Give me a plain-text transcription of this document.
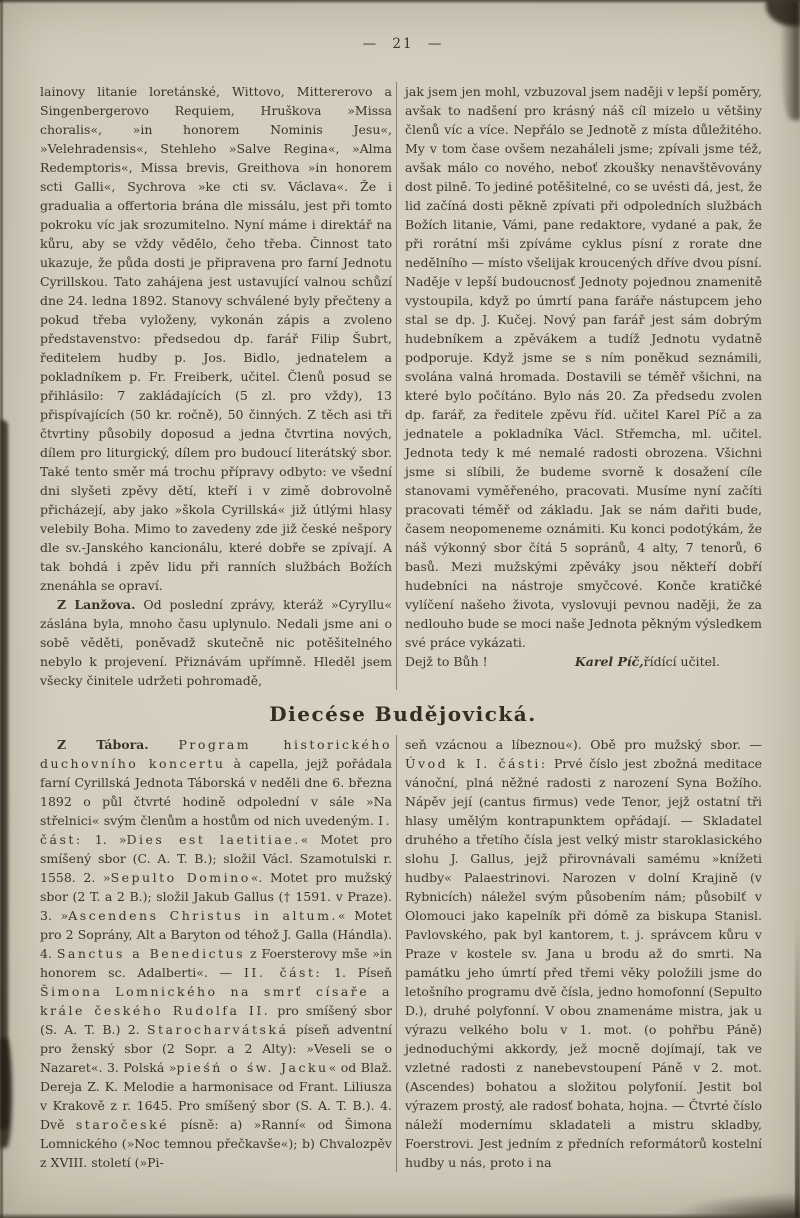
— 21 —

lainovy litanie loretánské, Wittovo, Mittererovo a Singenbergerovo Requiem, Hruškova »Missa choralis«, »in honorem Nominis Jesu«, »Velehradensis«, Stehleho »Salve Regina«, »Alma Redemptoris«, Missa brevis, Greithova »in honorem scti Galli«, Sychrova »ke cti sv. Václava«. Že i gradualia a offertoria brána dle missálu, jest při tomto pokroku víc jak srozumitelno. Nyní máme i direktář na kůru, aby se vždy vědělo, čeho třeba. Činnost tato ukazuje, že půda dosti je připravena pro farní Jednotu Cyrillskou. Tato zahájena jest ustavující valnou schůzí dne 24. ledna 1892. Stanovy schválené byly přečteny a pokud třeba vyloženy, vykonán zápis a zvoleno představenstvo: předsedou dp. farář Filip Šubrt, ředitelem hudby p. Jos. Bidlo, jednatelem a pokladníkem p. Fr. Freiberk, učitel. Členů posud se přihlásilo: 7 zakládajících (5 zl. pro vždy), 13 přispívajících (50 kr. ročně), 50 činných. Z těch asi tři čtvrtiny působily doposud a jedna čtvrtina nových, dílem pro liturgický, dílem pro budoucí literátský sbor. Také tento směr má trochu přípravy odbyto: ve všední dni slyšeti zpěvy dětí, kteří i v zimě dobrovolně přicházejí, aby jako »škola Cyrillská« již útlými hlasy velebily Boha. Mimo to zavedeny zde již české nešpory dle sv.-Janského kancionálu, které dobře se zpívají. A tak bohdá i zpěv lidu při ranních službách Božích znenáhla se opraví.

Z Lanžova. Od poslední zprávy, kteráž »Cyryllu« záslána byla, mnoho času uplynulo. Nedali jsme ani o sobě věděti, poněvadž skutečně nic potěšitelného nebylo k projevení. Přiznávám upřímně. Hleděl jsem všecky činitele udržeti pohromadě,

jak jsem jen mohl, vzbuzoval jsem naději v lepší poměry, avšak to nadšení pro krásný náš cíl mizelo u většiny členů víc a více. Nepřálo se Jednotě z místa důležitého. My v tom čase ovšem nezaháleli jsme; zpívali jsme též, avšak málo co nového, neboť zkoušky nenavštěvovány dost pilně. To jediné potěšitelné, co se uvésti dá, jest, že lid začíná dosti pěkně zpívati při odpoledních službách Božích litanie, Vámi, pane redaktore, vydané a pak, že při rorátní mši zpíváme cyklus písní z rorate dne nedělního — místo všelijak kroucených dříve dvou písní. Naděje v lepší budoucnosť Jednoty pojednou znamenitě vystoupila, když po úmrtí pana faráře nástupcem jeho stal se dp. J. Kučej. Nový pan farář jest sám dobrým hudebníkem a zpěvákem a tudíž Jednotu vydatně podporuje. Když jsme se s ním poněkud seznámili, svolána valná hromada. Dostavili se téměř všichni, na které bylo počítáno. Bylo nás 20. Za předsedu zvolen dp. farář, za ředitele zpěvu říd. učitel Karel Píč a za jednatele a pokladníka Václ. Střemcha, ml. učitel. Jednota tedy k mé nemalé radosti obrozena. Všichni jsme si slíbili, že budeme svorně k dosažení cíle stanovami vyměřeného, pracovati. Musíme nyní začíti pracovati téměř od základu. Jak se nám dařiti bude, časem neopomeneme oznámiti. Ku konci podotýkám, že náš výkonný sbor čítá 5 sopránů, 4 alty, 7 tenorů, 6 basů. Mezi mužskými zpěváky jsou někteří dobří hudebníci na nástroje smyčcové. Konče kratičké vylíčení našeho života, vyslovuji pevnou naději, že za nedlouho bude se moci naše Jednota pěkným výsledkem své práce vykázati.

Dejž to Bůh !	Karel Píč, řídící učitel.

Diecése Budějovická.

Z Tábora. Program historického duchovního koncertu à capella, jejž pořádala farní Cyrillská Jednota Táborská v neděli dne 6. března 1892 o půl čtvrté hodině odpolední v sále »Na střelnici« svým členům a hostům od nich uvedeným. I. část: 1. »Dies est laetitiae.« Motet pro smíšený sbor (C. A. T. B.); složil Václ. Szamotulski r. 1558. 2. »Sepulto Domino«. Motet pro mužský sbor (2 T. a 2 B.); složil Jakub Gallus († 1591. v Praze). 3. »Ascendens Christus in altum.« Motet pro 2 Soprány, Alt a Baryton od téhož J. Galla (Hándla). 4. Sanctus a Benedictus z Foersterovy mše »in honorem sc. Adalberti«. — II. část: 1. Píseň Šimona Lomnického na smrť císaře a krále českého Rudolfa II. pro smíšený sbor (S. A. T. B.) 2. Starocharvátská píseň adventní pro ženský sbor (2 Sopr. a 2 Alty): »Veseli se o Nazaret«. 3. Polská »pieśń o św. Jacku« od Blaž. Dereja Z. K. Melodie a harmonisace od Frant. Liliusza v Krakově z r. 1645. Pro smíšený sbor (S. A. T. B.). 4. Dvě staročeské písně: a) »Ranní« od Šimona Lomnického (»Noc temnou přečkavše«); b) Chvalozpěv z XVIII. století (»Pi-

seň vzácnou a líbeznou«). Obě pro mužský sbor. — Úvod k I. části: Prvé číslo jest zbožná meditace vánoční, plná něžné radosti z narození Syna Božího. Nápěv její (cantus firmus) vede Tenor, jejž ostatní tři hlasy umělým kontrapunktem opřádají. — Skladatel druhého a třetího čísla jest velký mistr staroklasického slohu J. Gallus, jejž přirovnávali samému »knížeti hudby« Palaestrinovi. Narozen v dolní Krajině (v Rybnicích) náležel svým působením nám; působilť v Olomouci jako kapelník při dómě za biskupa Stanisl. Pavlovského, pak byl kantorem, t. j. správcem kůru v Praze v kostele sv. Jana u brodu až do smrti. Na památku jeho úmrtí před třemi věky položili jsme do letošního programu dvě čísla, jedno homofonní (Sepulto D.), druhé polyfonní. V obou znamenáme mistra, jak u výrazu velkého bolu v 1. mot. (o pohřbu Páně) jednoduchými akkordy, jež mocně dojímají, tak ve vzletné radosti z nanebevstoupení Páně v 2. mot. (Ascendes) bohatou a složitou polyfonií. Jestit bol výrazem prostý, ale radosť bohata, hojna. — Čtvrté číslo náleží modernímu skladateli a mistru skladby, Foerstrovi. Jest jedním z předních reformátorů kostelní hudby u nás, proto i na
